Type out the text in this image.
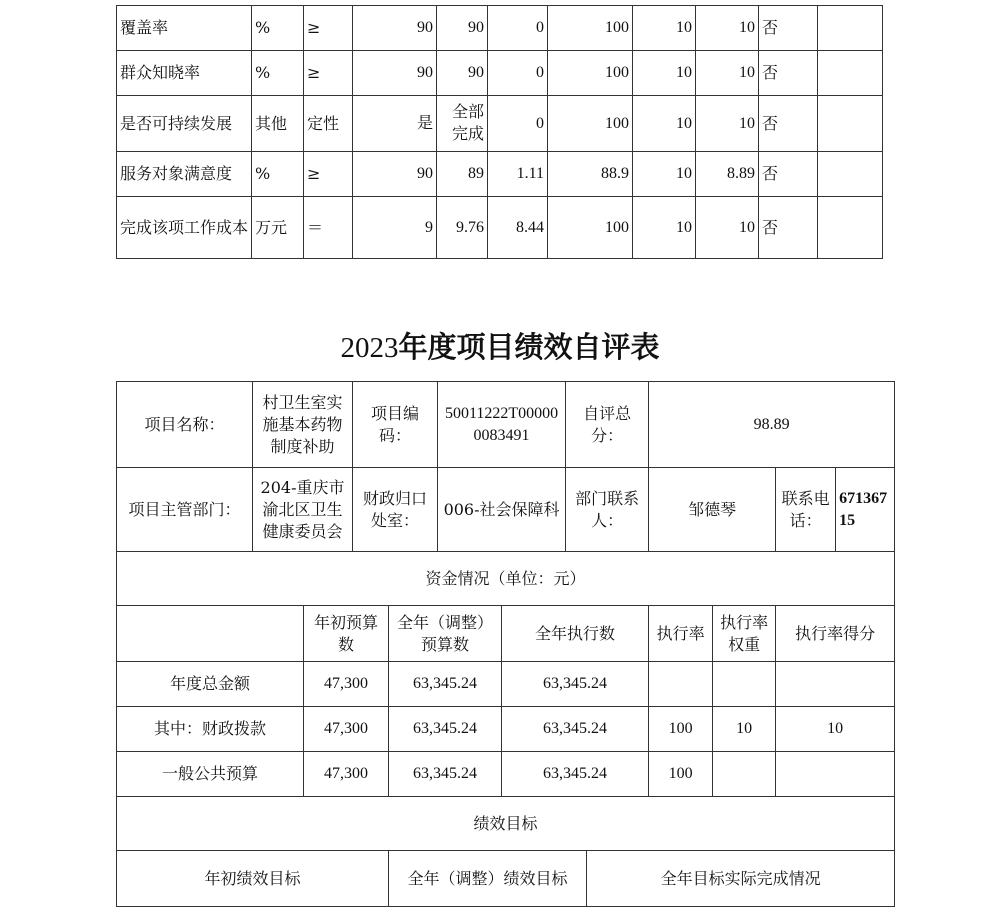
覆盖率	%	≥	90	90	0	100	10	10	否	
群众知晓率	%	≥	90	90	0	100	10	10	否	
是否可持续发展	其他	定性	是	全部完成	0	100	10	10	否	
服务对象满意度	%	≥	90	89	1.11	88.9	10	8.89	否	
完成该项工作成本	万元	＝	9	9.76	8.44	100	10	10	否	
2023年度项目绩效自评表
项目名称：	村卫生室实施基本药物制度补助		项目编码：		50011222T000000083491		自评总分：		98.89			
项目主管部门：	204-重庆市渝北区卫生健康委员会		财政归口处室：		006-社会保障科		部门联系人：		邹德琴		联系电话：	67136715
资金情况（单位：元）												
		年初预算数		全年（调整）预算数		全年执行数			执行率	执行率权重	执行率得分	
年度总金额		47,300		63,345.24		63,345.24						
其中：财政拨款		47,300		63,345.24		63,345.24			100	10	10	
一般公共预算		47,300		63,345.24		63,345.24			100			
绩效目标												
年初绩效目标				全年（调整）绩效目标				全年目标实际完成情况				
